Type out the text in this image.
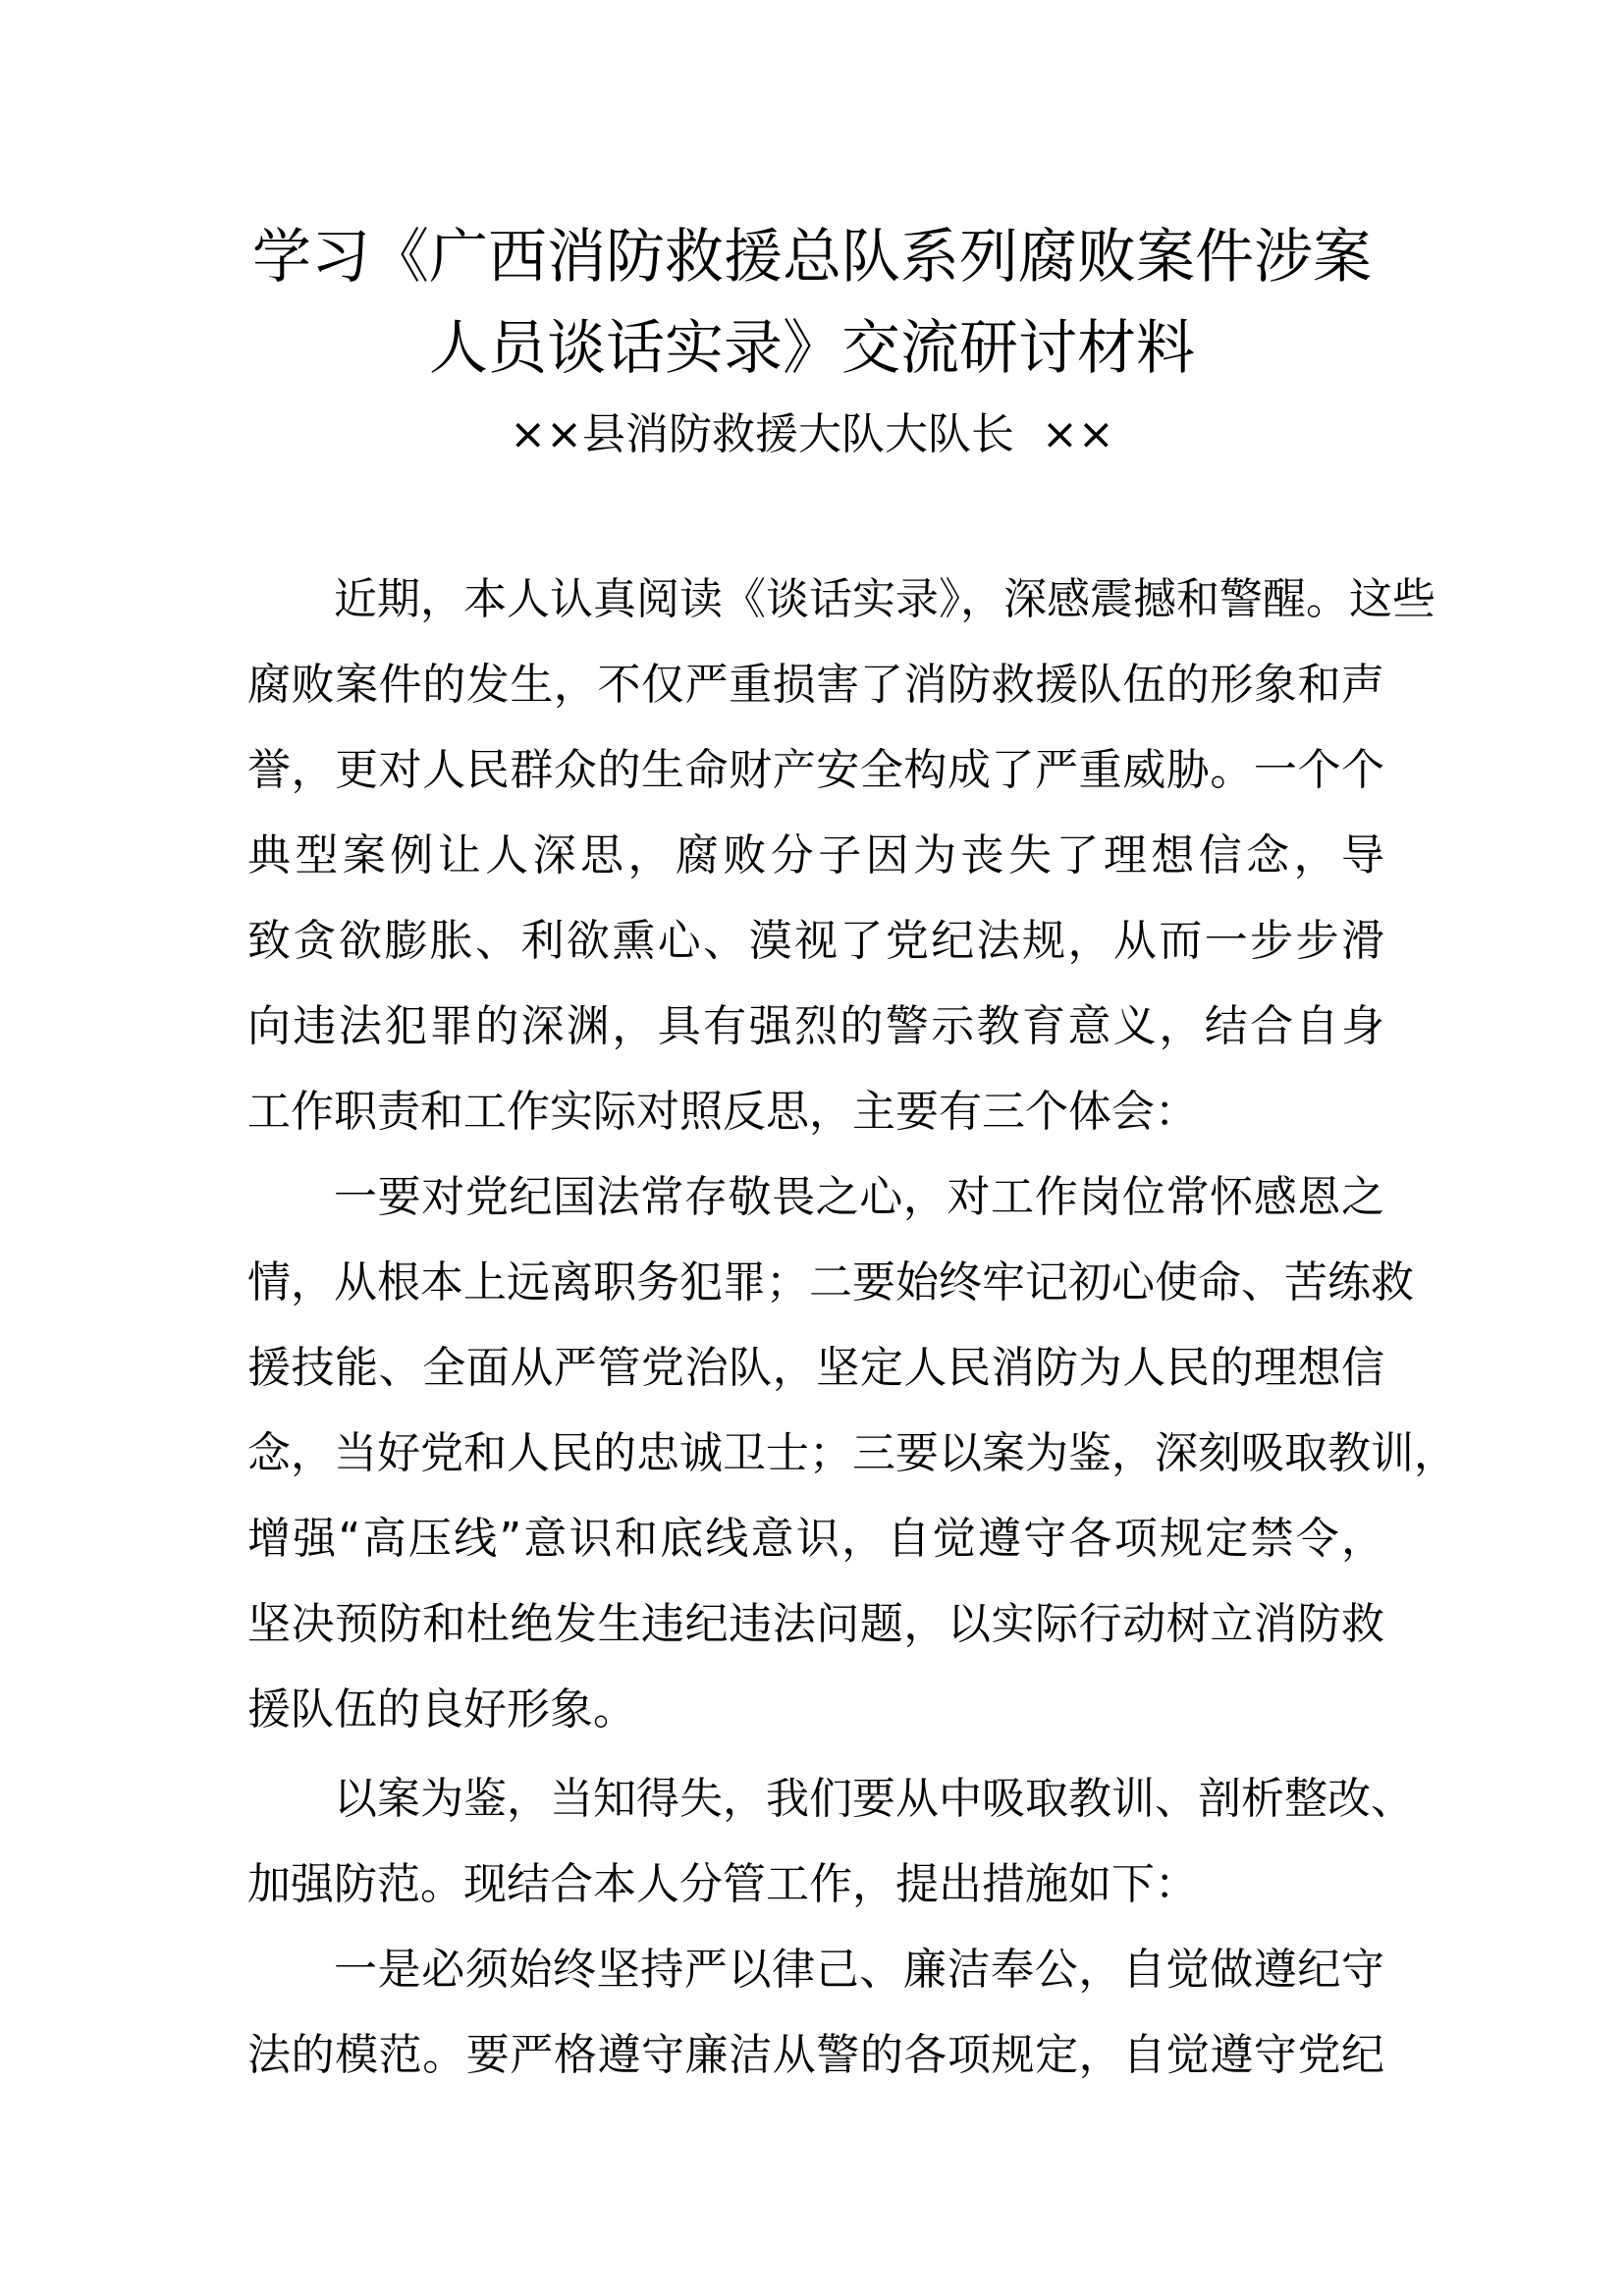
学习《广西消防救援总队系列腐败案件涉案
人员谈话实录》交流研讨材料
××县消防救援大队大队长  ××
近期，本人认真阅读《谈话实录》，深感震撼和警醒。这些
腐败案件的发生，不仅严重损害了消防救援队伍的形象和声
誉，更对人民群众的生命财产安全构成了严重威胁。一个个
典型案例让人深思，腐败分子因为丧失了理想信念，导
致贪欲膨胀、利欲熏心、漠视了党纪法规，从而一步步滑
向违法犯罪的深渊，具有强烈的警示教育意义，结合自身
工作职责和工作实际对照反思，主要有三个体会：
一要对党纪国法常存敬畏之心，对工作岗位常怀感恩之
情，从根本上远离职务犯罪；二要始终牢记初心使命、苦练救
援技能、全面从严管党治队，坚定人民消防为人民的理想信
念，当好党和人民的忠诚卫士；三要以案为鉴，深刻吸取教训，
增强“高压线”意识和底线意识，自觉遵守各项规定禁令，
坚决预防和杜绝发生违纪违法问题，以实际行动树立消防救
援队伍的良好形象。
以案为鉴，当知得失，我们要从中吸取教训、剖析整改、
加强防范。现结合本人分管工作，提出措施如下：
一是必须始终坚持严以律己、廉洁奉公，自觉做遵纪守
法的模范。要严格遵守廉洁从警的各项规定，自觉遵守党纪
